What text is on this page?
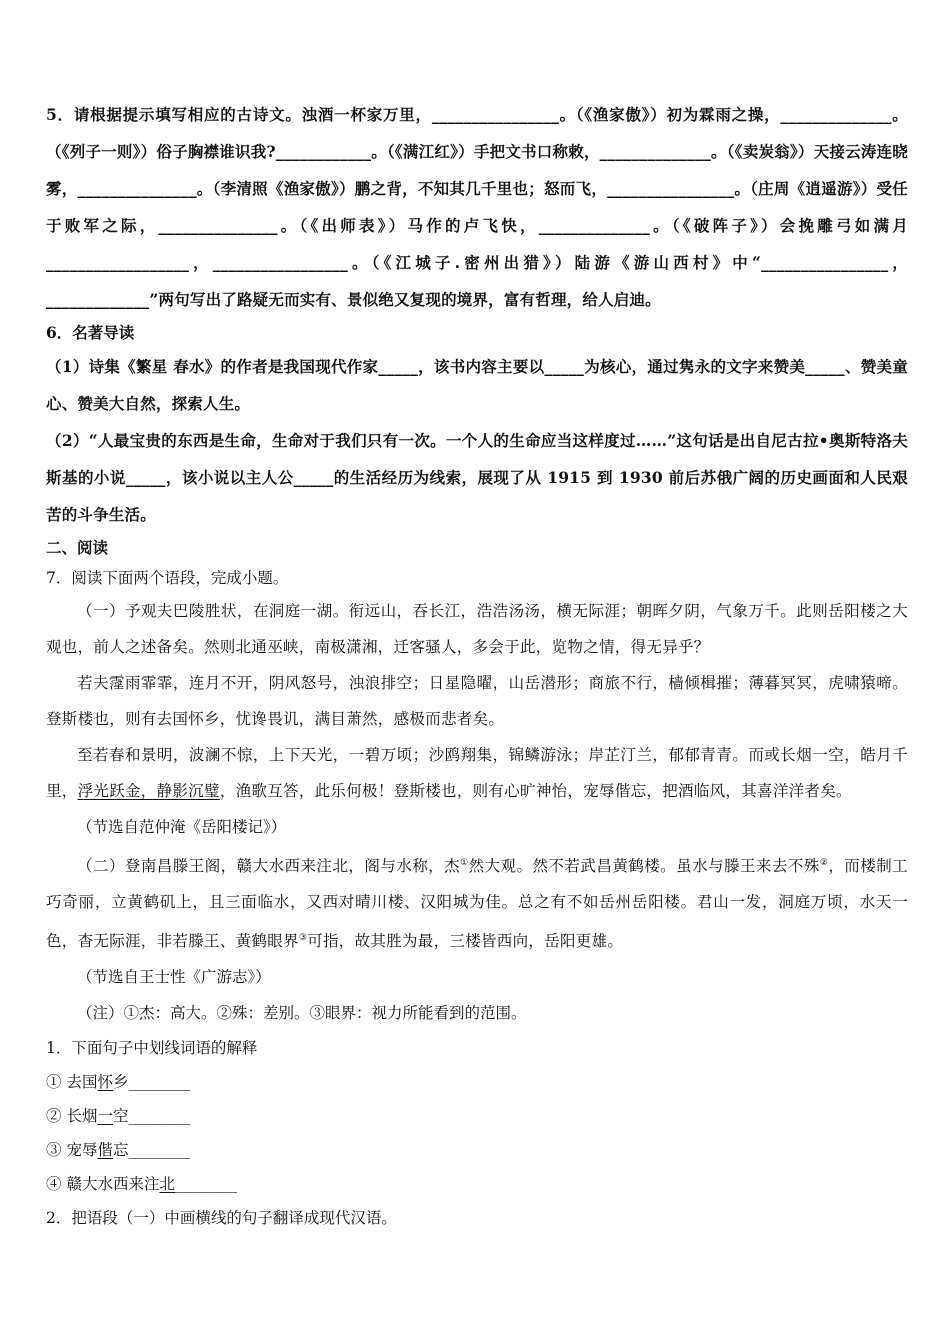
5．请根据提示填写相应的古诗文。浊酒一杯家万里，________________。（《渔家傲》）初为霖雨之操，______________。（《列子一则》）俗子胸襟谁识我?____________。（《满江红》）手把文书口称敕，______________。（《卖炭翁》）天接云涛连晓雾，_______________。（李清照《渔家傲》）鹏之背，不知其几千里也；怒而飞，________________。（庄周《逍遥游》）受任于败军之际，_______________。（《出师表》）马作的卢飞快，______________。（《破阵子》）会挽雕弓如满月__________________，_________________。（《江城子.密州出猎》）陆游《游山西村》中“________________，_____________”两句写出了路疑无而实有、景似绝又复现的境界，富有哲理，给人启迪。

6．名著导读

（1）诗集《繁星 春水》的作者是我国现代作家_____，该书内容主要以_____为核心，通过隽永的文字来赞美_____、赞美童心、赞美大自然，探索人生。

（2）“人最宝贵的东西是生命，生命对于我们只有一次。一个人的生命应当这样度过……”这句话是出自尼古拉•奥斯特洛夫斯基的小说_____，该小说以主人公_____的生活经历为线索，展现了从 1915 到 1930 前后苏俄广阔的历史画面和人民艰苦的斗争生活。

二、阅读

7．阅读下面两个语段，完成小题。

（一）予观夫巴陵胜状，在洞庭一湖。衔远山，吞长江，浩浩汤汤，横无际涯；朝晖夕阴，气象万千。此则岳阳楼之大观也，前人之述备矣。然则北通巫峡，南极潇湘，迁客骚人，多会于此，览物之情，得无异乎？

若夫霪雨霏霏，连月不开，阴风怒号，浊浪排空；日星隐曜，山岳潜形；商旅不行，樯倾楫摧；薄暮冥冥，虎啸猿啼。登斯楼也，则有去国怀乡，忧谗畏讥，满目萧然，感极而悲者矣。

至若春和景明，波澜不惊，上下天光，一碧万顷；沙鸥翔集，锦鳞游泳；岸芷汀兰，郁郁青青。而或长烟一空，皓月千里，浮光跃金，静影沉璧，渔歌互答，此乐何极！登斯楼也，则有心旷神怡，宠辱偕忘，把酒临风，其喜洋洋者矣。

（节选自范仲淹《岳阳楼记》）

（二）登南昌滕王阁，赣大水西来注北，阁与水称，杰①然大观。然不若武昌黄鹤楼。虽水与滕王来去不殊②，而楼制工巧奇丽，立黄鹤矶上，且三面临水，又西对晴川楼、汉阳城为佳。总之有不如岳州岳阳楼。君山一发，洞庭万顷，水天一色，杳无际涯，非若滕王、黄鹤眼界③可指，故其胜为最，三楼皆西向，岳阳更雄。

（节选自王士性《广游志》）

（注）①杰：高大。②殊：差别。③眼界：视力所能看到的范围。

1．下面句子中划线词语的解释

① 去国怀乡________

② 长烟一空________

③ 宠辱偕忘________

④ 赣大水西来注北________

2．把语段（一）中画横线的句子翻译成现代汉语。
